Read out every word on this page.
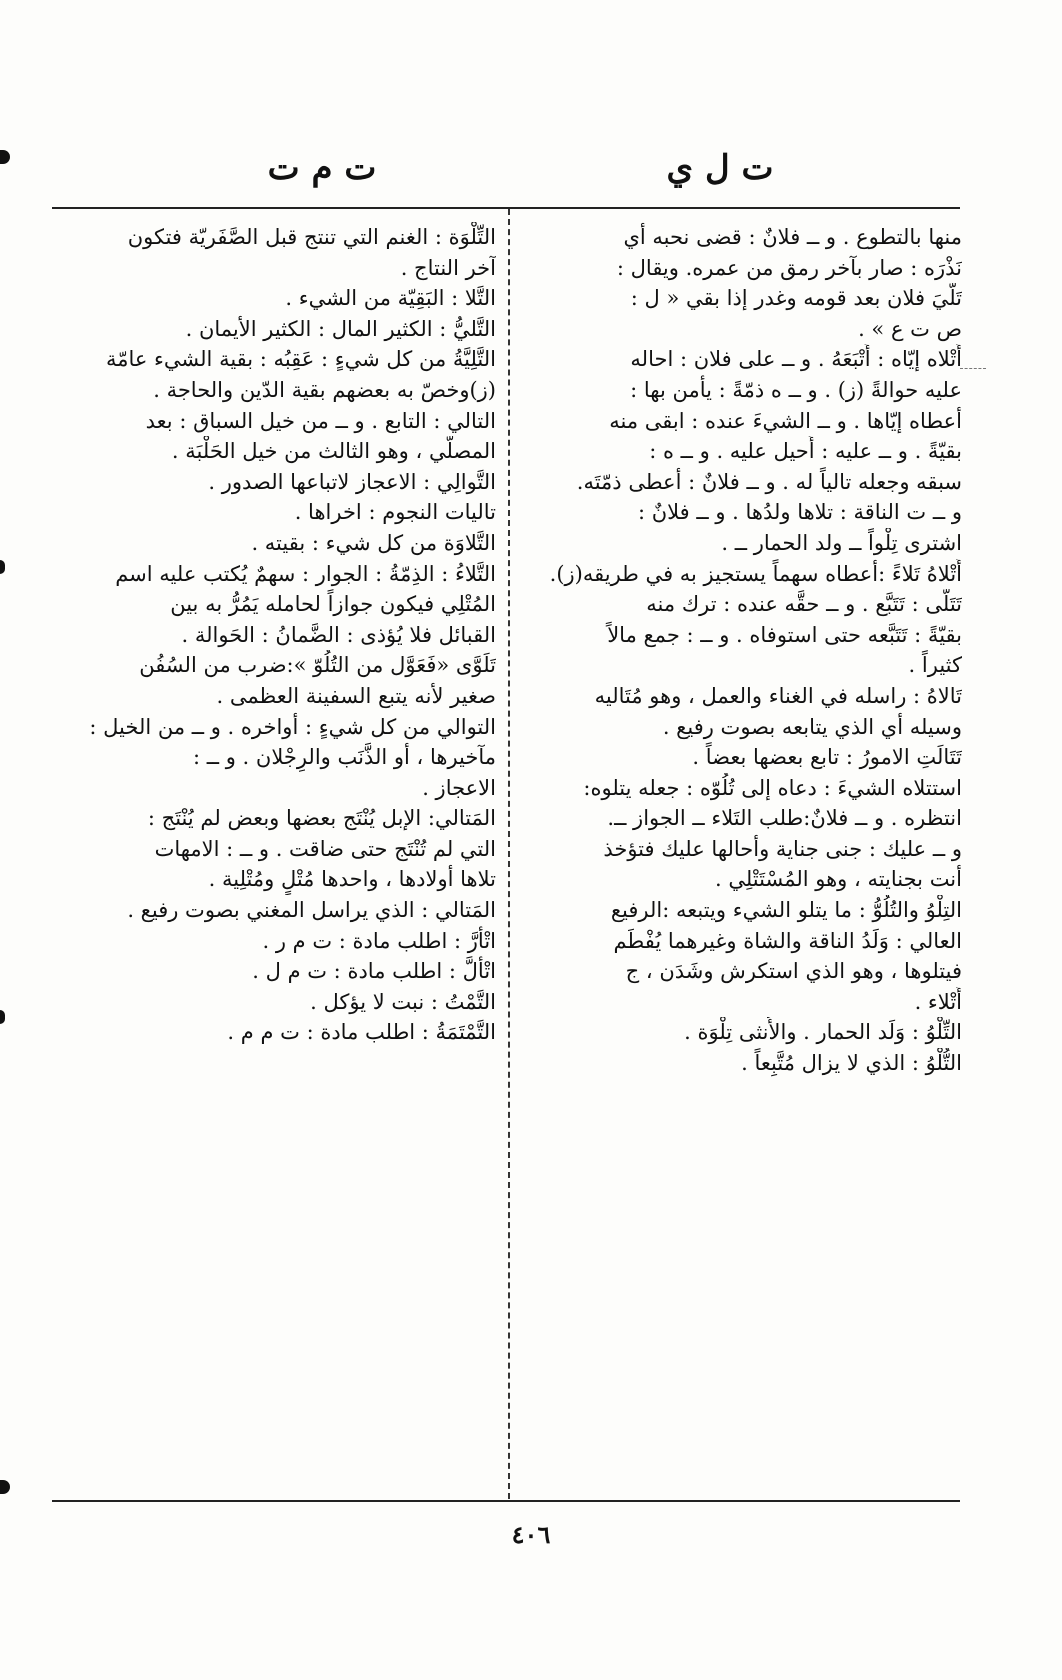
ت ل ي
ت م ت
منها بالتطوع . و ــ فلانٌ : قضى نحبه أي
نَذْرَه : صار بآخر رمق من عمره. ويقال :
تَلّيَ فلان بعد قومه وغدر إذا بقي « ل :
ص ت ع » .
أَتْلاه إيّاه : أَتْبَعَهُ . و ــ على فلان : احاله
عليه حوالةً (ز) . و ــ ه ذمّةً : يأمن بها :
أعطاه إيّاها . و ــ الشيءَ عنده : ابقى منه
بقيّةً . و ــ عليه : أُحيل عليه . و ــ ه :
سبقه وجعله تالياً له . و ــ فلانٌ : أعطى ذمّتَه.
و ــ ت الناقة : تلاها ولدُها . و ــ فلانٌ :
اشترى تِلْواً ــ ولد الحمار ــ .
أَتْلاهُ تَلاءً :أعطاه سهماً يستجيز به في طريقه(ز).
تَتَلّى : تَتَبَّع . و ــ حقَّه عنده : ترك منه
بقيّةً : تَتَبَّعه حتى استوفاه . و ــ : جمع مالاً
كثيراً .
تَالاهُ : راسله في الغناء والعمل ، وهو مُتَاليه
وسيله أي الذي يتابعه بصوت رفيع .
تَتَالَتِ الامورُ : تابع بعضها بعضاً .
استتلاه الشيءَ : دعاه إلى تُلُوّه : جعله يتلوه:
انتظره . و ــ فلانٌ:طلب التَلاء ــ الجواز ــ.
و ــ عليك : جنى جناية وأحالها عليك فتؤخذ
أنت بجنايته ، وهو المُسْتَتْلِي .
التِلْوُ والتُلُوُّ : ما يتلو الشيء ويتبعه :الرفيع
العالي : وَلَدُ الناقة والشاة وغيرهما يُفْطَم
فيتلوها ، وهو الذي استكرش وشَدَن ، ج
أَتْلاء .
التِّلْوُ : وَلَد الحمار . والأُنثى تِلْوَة .
التُّلْوُ : الذي لا يزال مُتَّبِعاً .
التِّلْوَة : الغنم التي تنتج قبل الصَّفَريّة فتكون
آخر النتاج .
التَّلا : البَقِيّة من الشيء .
التَّليُّ : الكثير المال : الكثير الأيمان .
التَّلِيَّةُ من كل شيءٍ : عَقِبُه : بقية الشيء عامّة
(ز)وخصّ به بعضهم بقية الدّين والحاجة .
التالي : التابع . و ــ من خيل السباق : بعد
المصلّي ، وهو الثالث من خيل الحَلْبَة .
التَّوالِي : الاعجاز لاتباعها الصدور .
تاليات النجوم : اخراها .
التَّلاوَة من كل شيء : بقيته .
التَّلاءُ : الذِمّةُ : الجوار : سهمٌ يُكتب عليه اسم
المُتْلِي فيكون جوازاً لحامله يَمُرُّ به بين
القبائل فلا يُؤذى : الضَّمانُ : الحَوالة .
تَلَوَّى «فَعَوَّل من التُلُوّ »:ضرب من السُفُن
صغير لأنه يتبع السفينة العظمى .
التوالي من كل شيءٍ : أواخره . و ــ من الخيل :
مآخيرها ، أو الذَّنَب والرِجْلان . و ــ :
الاعجاز .
المَتالي: الإبل يُنْتَج بعضها وبعض لم يُنْتَج :
التي لم تُنْتَج حتى ضاقت . و ــ : الامهات
تلاها أولادها ، واحدها مُتْلٍ ومُتْلِية .
المَتالي : الذي يراسل المغني بصوت رفيع .
اتْأَرَّ : اطلب مادة : ت م ر .
اتْأَلَّ : اطلب مادة : ت م ل .
التَّمْتُ : نبت لا يؤكل .
التَّمْتَمَةُ : اطلب مادة : ت م م .
٤٠٦
